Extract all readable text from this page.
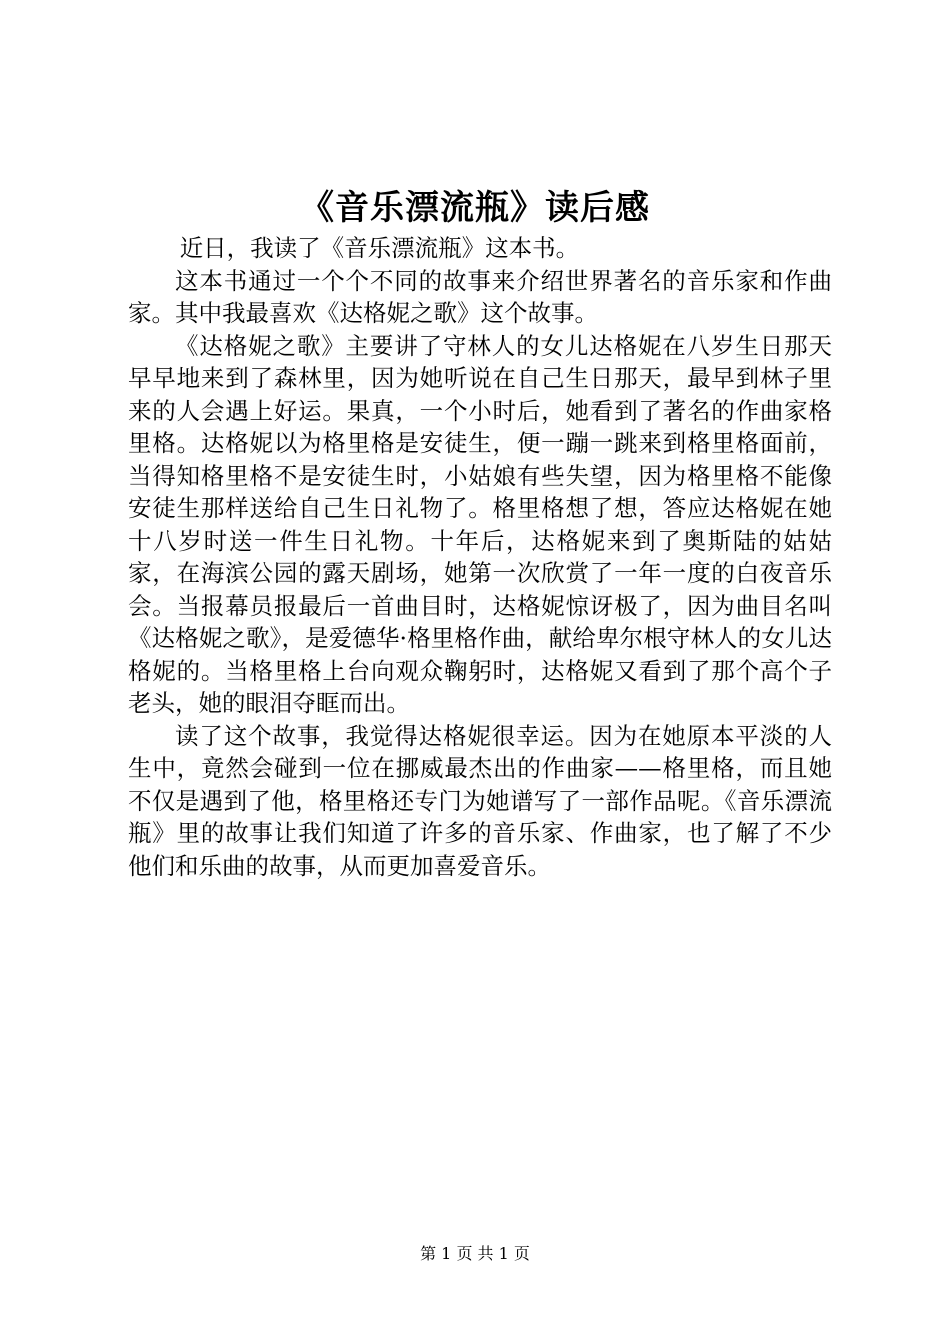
《音乐漂流瓶》读后感

近日，我读了《音乐漂流瓶》这本书。

这本书通过一个个不同的故事来介绍世界著名的音乐家和作曲家。其中我最喜欢《达格妮之歌》这个故事。

《达格妮之歌》主要讲了守林人的女儿达格妮在八岁生日那天早早地来到了森林里，因为她听说在自己生日那天，最早到林子里来的人会遇上好运。果真，一个小时后，她看到了著名的作曲家格里格。达格妮以为格里格是安徒生，便一蹦一跳来到格里格面前，当得知格里格不是安徒生时，小姑娘有些失望，因为格里格不能像安徒生那样送给自己生日礼物了。格里格想了想，答应达格妮在她十八岁时送一件生日礼物。十年后，达格妮来到了奥斯陆的姑姑家，在海滨公园的露天剧场，她第一次欣赏了一年一度的白夜音乐会。当报幕员报最后一首曲目时，达格妮惊讶极了，因为曲目名叫《达格妮之歌》，是爱德华·格里格作曲，献给卑尔根守林人的女儿达格妮的。当格里格上台向观众鞠躬时，达格妮又看到了那个高个子老头，她的眼泪夺眶而出。

读了这个故事，我觉得达格妮很幸运。因为在她原本平淡的人生中，竟然会碰到一位在挪威最杰出的作曲家——格里格，而且她不仅是遇到了他，格里格还专门为她谱写了一部作品呢。《音乐漂流瓶》里的故事让我们知道了许多的音乐家、作曲家，也了解了不少他们和乐曲的故事，从而更加喜爱音乐。

第 1 页 共 1 页
